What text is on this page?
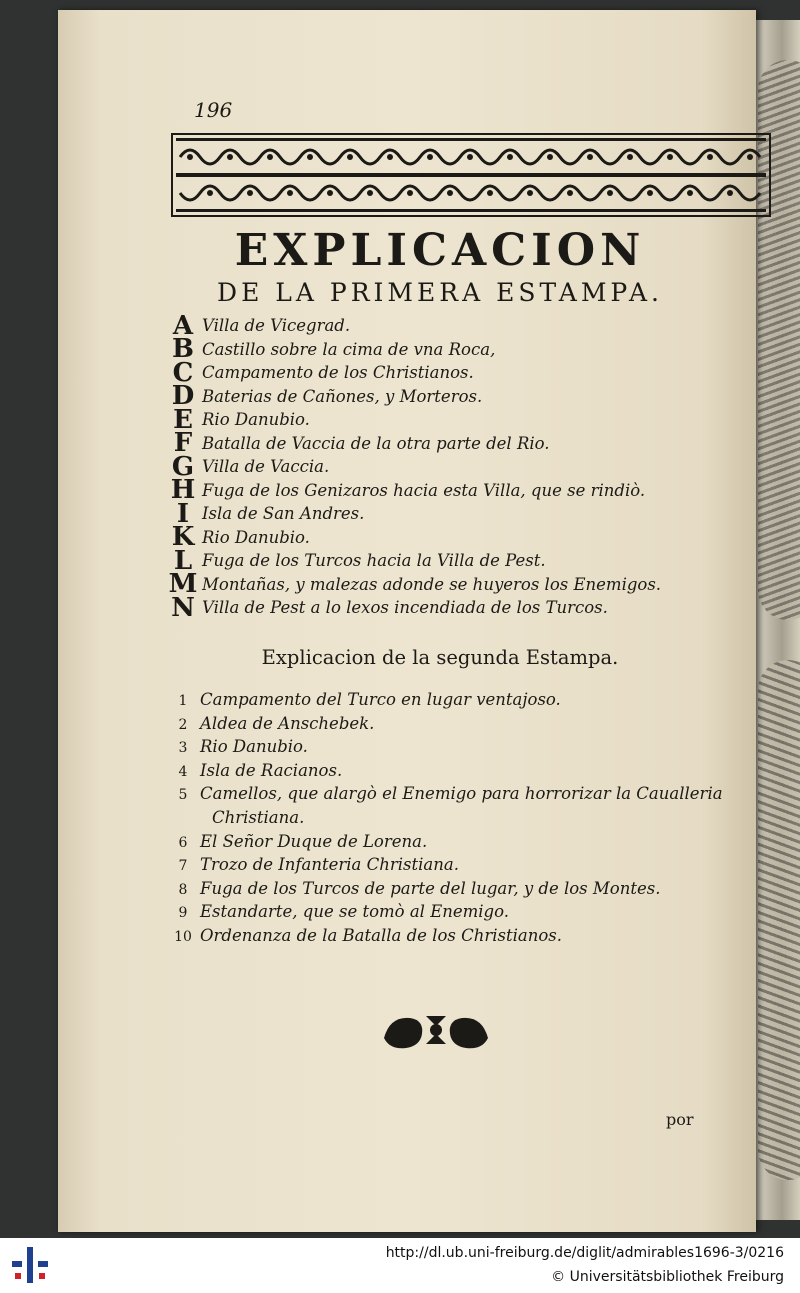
196
EXPLICACION
DE LA PRIMERA ESTAMPA.
A Villa de Vicegrad.
B Castillo sobre la cima de vna Roca,
C Campamento de los Christianos.
D Baterias de Cañones, y Morteros.
E Rio Danubio.
F Batalla de Vaccia de la otra parte del Rio.
G Villa de Vaccia.
H Fuga de los Genizaros hacia esta Villa, que se rindiò.
I Isla de San Andres.
K Rio Danubio.
L Fuga de los Turcos hacia la Villa de Pest.
M Montañas, y malezas adonde se huyeros los Enemigos.
N Villa de Pest a lo lexos incendiada de los Turcos.
Explicacion de la segunda Estampa.
1 Campamento del Turco en lugar ventajoso.
2 Aldea de Anschebek.
3 Rio Danubio.
4 Isla de Racianos.
5 Camellos, que alargò el Enemigo para horrorizar la Caualleria
Christiana.
6 El Señor Duque de Lorena.
7 Trozo de Infanteria Christiana.
8 Fuga de los Turcos de parte del lugar, y de los Montes.
9 Estandarte, que se tomò al Enemigo.
10 Ordenanza de la Batalla de los Christianos.
por
http://dl.ub.uni-freiburg.de/diglit/admirables1696-3/0216
© Universitätsbibliothek Freiburg
